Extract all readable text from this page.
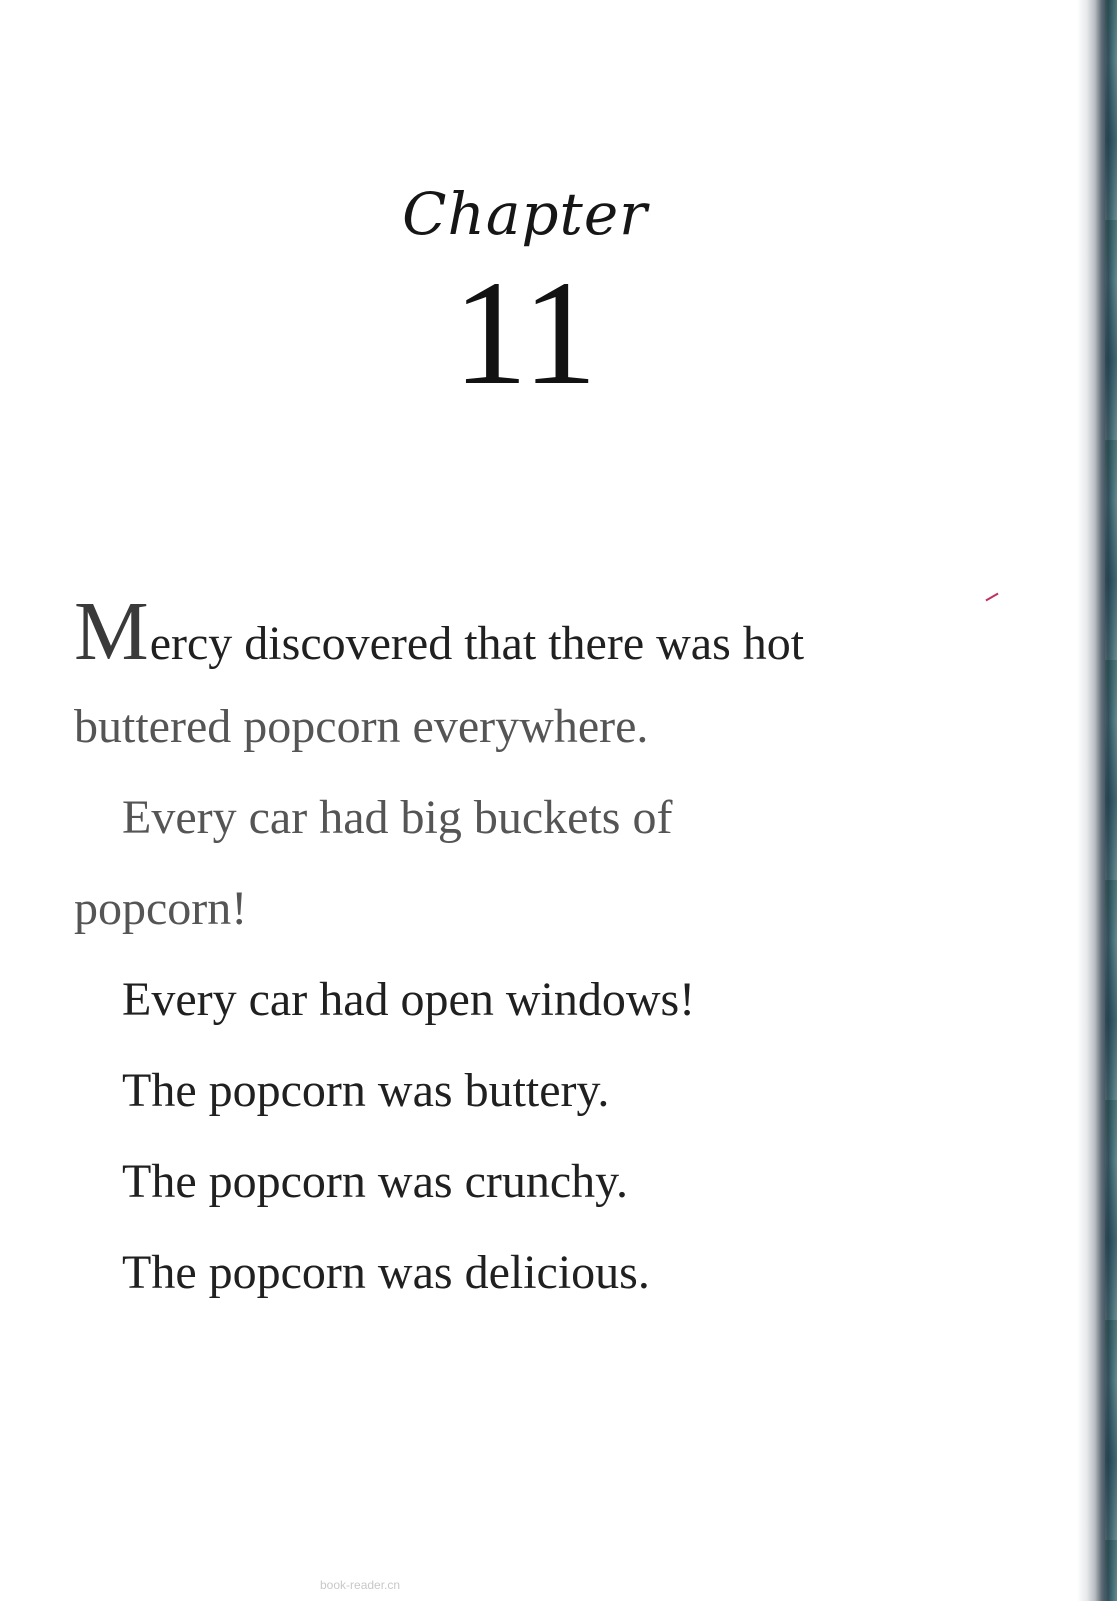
Chapter
11
Mercy discovered that there was hot
buttered popcorn everywhere.
Every car had big buckets of
popcorn!
Every car had open windows!
The popcorn was buttery.
The popcorn was crunchy.
The popcorn was delicious.
book-reader.cn
